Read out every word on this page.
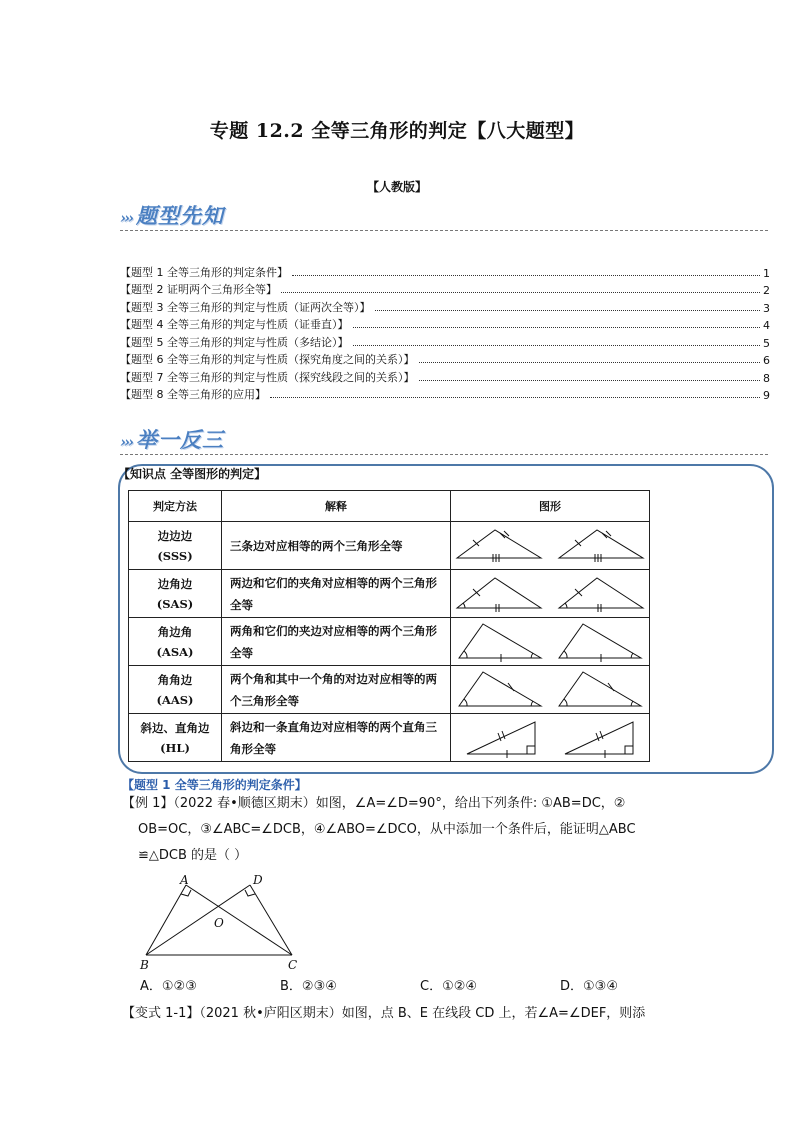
专题 12.2 全等三角形的判定【八大题型】
【人教版】
››› 题型先知
【题型 1 全等三角形的判定条件】	1
【题型 2 证明两个三角形全等】	2
【题型 3 全等三角形的判定与性质（证两次全等）】	3
【题型 4 全等三角形的判定与性质（证垂直）】	4
【题型 5 全等三角形的判定与性质（多结论）】	5
【题型 6 全等三角形的判定与性质（探究角度之间的关系）】	6
【题型 7 全等三角形的判定与性质（探究线段之间的关系）】	8
【题型 8 全等三角形的应用】	9
››› 举一反三
【知识点 全等图形的判定】
判定方法	解释	图形

边边边
(SSS)	三条边对应相等的两个三角形全等	

边角边
(SAS)	两边和它们的夹角对应相等的两个三角形全等	

角边角
(ASA)	两角和它们的夹边对应相等的两个三角形全等	

角角边
(AAS)	两个角和其中一个角的对边对应相等的两个三角形全等	

斜边、直角边
(HL)	斜边和一条直角边对应相等的两个直角三角形全等	
【题型 1 全等三角形的判定条件】
【例 1】（2022 春•顺德区期末）如图，∠A=∠D=90°，给出下列条件: ①AB=DC，②
OB=OC，③∠ABC=∠DCB，④∠ABO=∠DCO，从中添加一个条件后，能证明△ABC
≌△DCB 的是（ ）
A	D
O
B	C
A．①②③	B．②③④	C．①②④	D．①③④
【变式 1-1】（2021 秋•庐阳区期末）如图，点 B、E 在线段 CD 上，若∠A=∠DEF，则添
